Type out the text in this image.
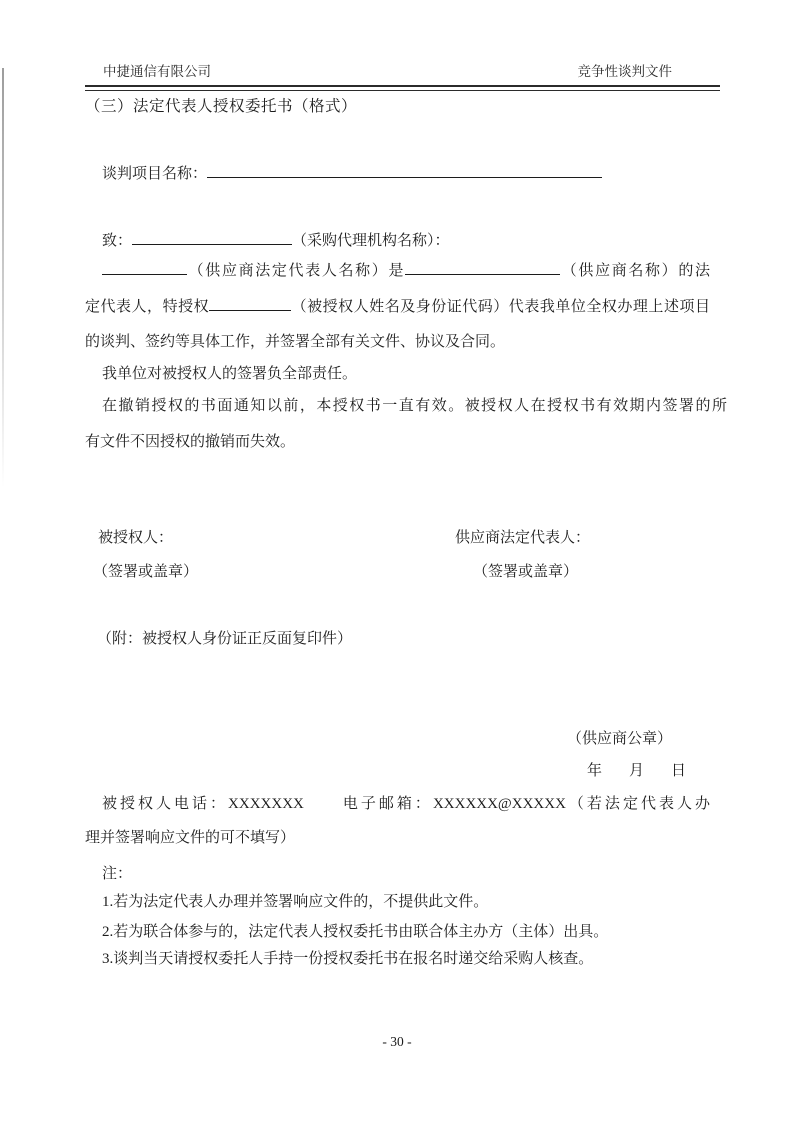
中捷通信有限公司	竞争性谈判文件
（三）法定代表人授权委托书（格式）
谈判项目名称：
致：	（采购代理机构名称）：
（供应商法定代表人名称）是	（供应商名称）的法
定代表人，特授权	（被授权人姓名及身份证代码）代表我单位全权办理上述项目
的谈判、签约等具体工作，并签署全部有关文件、协议及合同。
我单位对被授权人的签署负全部责任。
在撤销授权的书面通知以前，本授权书一直有效。被授权人在授权书有效期内签署的所
有文件不因授权的撤销而失效。
被授权人：	供应商法定代表人：
（签署或盖章）	（签署或盖章）
（附：被授权人身份证正反面复印件）
（供应商公章）
年　月　日
被授权人电话：XXXXXXX 电子邮箱：XXXXXX@XXXXX（若法定代表人办
理并签署响应文件的可不填写）
注：
1.若为法定代表人办理并签署响应文件的，不提供此文件。
2.若为联合体参与的，法定代表人授权委托书由联合体主办方（主体）出具。
3.谈判当天请授权委托人手持一份授权委托书在报名时递交给采购人核查。
- 30 -
